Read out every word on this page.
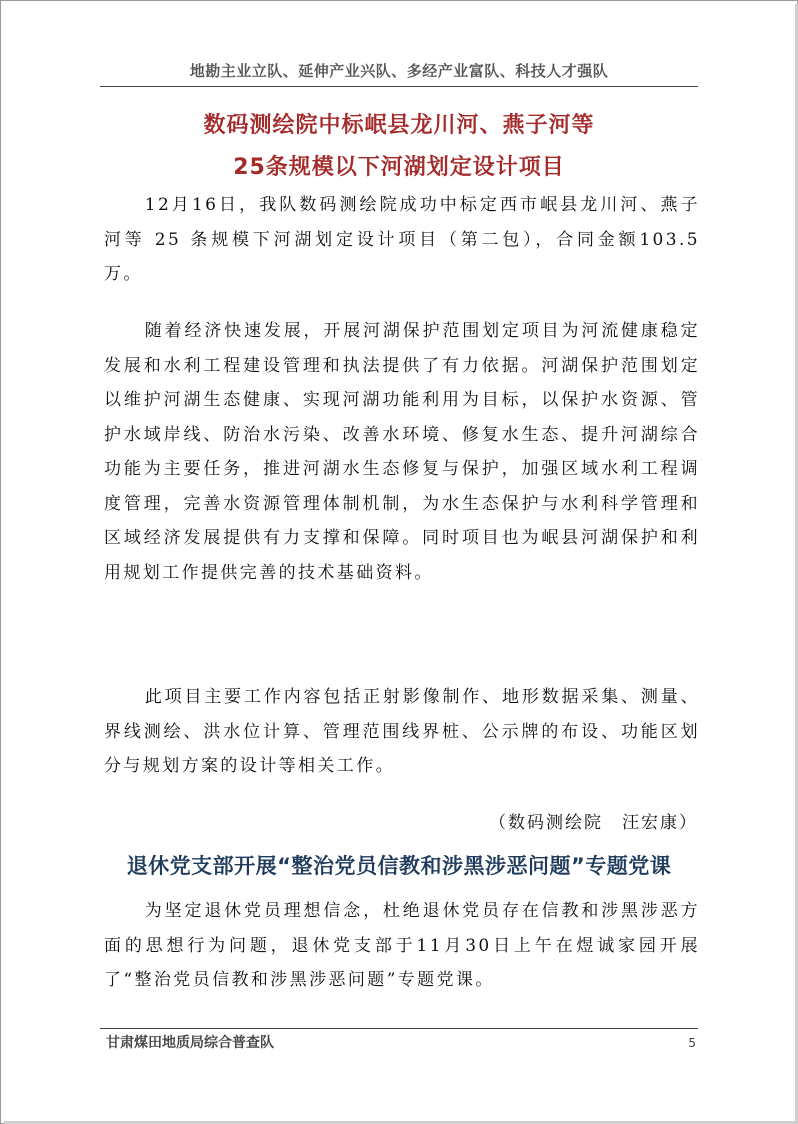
地勘主业立队、延伸产业兴队、多经产业富队、科技人才强队
数码测绘院中标岷县龙川河、燕子河等
25条规模以下河湖划定设计项目
12月16日，我队数码测绘院成功中标定西市岷县龙川河、燕子河等 25 条规模下河湖划定设计项目（第二包），合同金额103.5万。
随着经济快速发展，开展河湖保护范围划定项目为河流健康稳定发展和水利工程建设管理和执法提供了有力依据。河湖保护范围划定以维护河湖生态健康、实现河湖功能利用为目标，以保护水资源、管护水域岸线、防治水污染、改善水环境、修复水生态、提升河湖综合功能为主要任务，推进河湖水生态修复与保护，加强区域水利工程调度管理，完善水资源管理体制机制，为水生态保护与水利科学管理和区域经济发展提供有力支撑和保障。同时项目也为岷县河湖保护和利用规划工作提供完善的技术基础资料。
此项目主要工作内容包括正射影像制作、地形数据采集、测量、界线测绘、洪水位计算、管理范围线界桩、公示牌的布设、功能区划分与规划方案的设计等相关工作。
（数码测绘院　汪宏康）
退休党支部开展“整治党员信教和涉黑涉恶问题”专题党课
为坚定退休党员理想信念，杜绝退休党员存在信教和涉黑涉恶方面的思想行为问题，退休党支部于11月30日上午在煜诚家园开展了“整治党员信教和涉黑涉恶问题”专题党课。
甘肃煤田地质局综合普查队	5
